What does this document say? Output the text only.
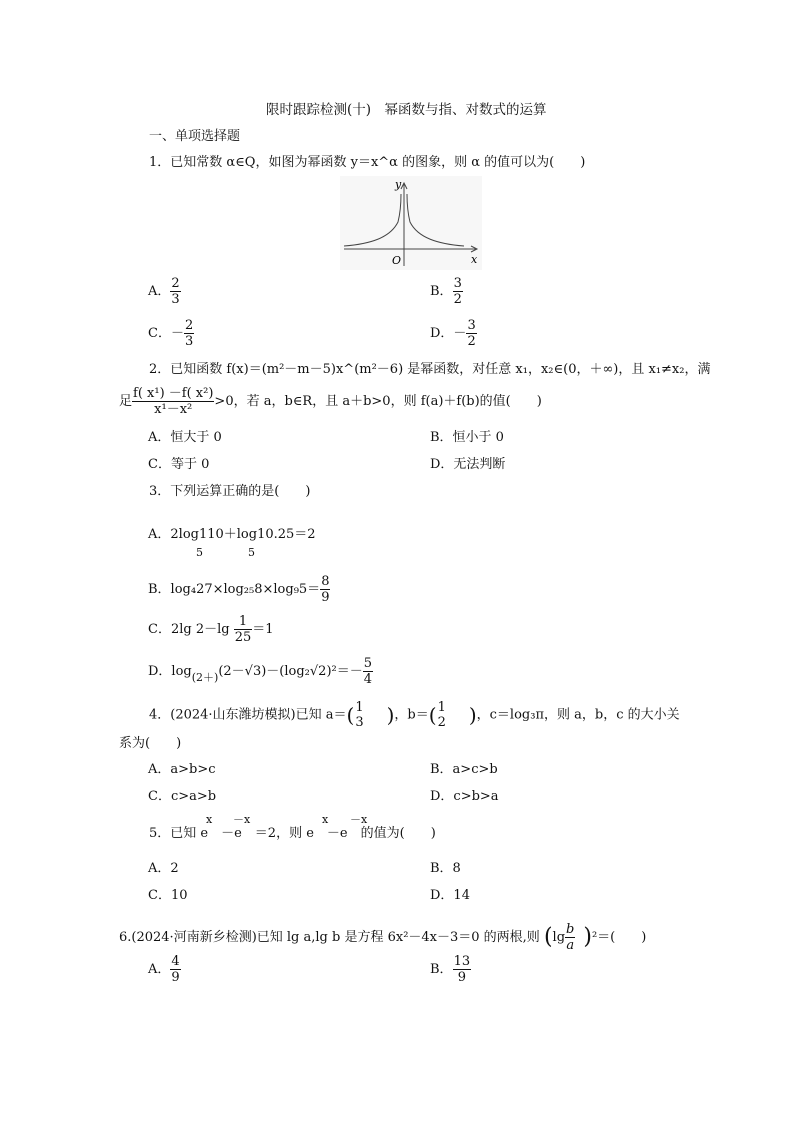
限时跟踪检测(十)　幂函数与指、对数式的运算
一、单项选择题
1．已知常数 α∈Q，如图为幂函数 y＝x^α 的图象，则 α 的值可以为(　　)
y
x
O
A． $\frac{2}{3}$	B． $\frac{3}{2}$
C．－ $\frac{2}{3}$	D．－ $\frac{3}{2}$
2．已知函数 f(x)＝(m²－m－5)x^(m²－6) 是幂函数，对任意 x₁，x₂∈(0，＋∞)，且 x₁≠x₂，满
足 $\frac{\text{f( x¹) －f( x²)}}{\text{x¹－x²}} >0$，若 a，b∈R，且 a＋b>0，则 f(a)＋f(b)的值(　　)
A．恒大于 0	B．恒小于 0
C．等于 0	D．无法判断
3．下列运算正确的是(　　)
A．2log110＋log10.25＝2
5	5
B．$\log_427\times\log_{25}8\times\log_95= \frac{8}{9}$
C．2lg $2-\lg \frac{1}{25} =1$
D．$\log_{(2+)}(2-√3)-(\log_2√2)^2=- \frac{5}{4}$
4．(2024·山东潍坊模拟)已知 a＝( 1
3 )，b＝( 1
2 )，c＝log₃π，则 a，b，c 的大小关
系为(　　)
A．a>b>c	B．a>c>b
C．c>a>b	D．c>b>a
x －x	x －x
5．已知 e　－e　＝2，则 e　－e　的值为(　　)
A．2	B．8
C．10	D．14
6.(2024·河南新乡检测)已知 lg a,lg b 是方程 6x²－4x－3＝0 的两根,则 $(\lg \frac{b}{a} )^2=$(　　)
A． $\frac{4}{9}$	B． $\frac{13}{9}$
